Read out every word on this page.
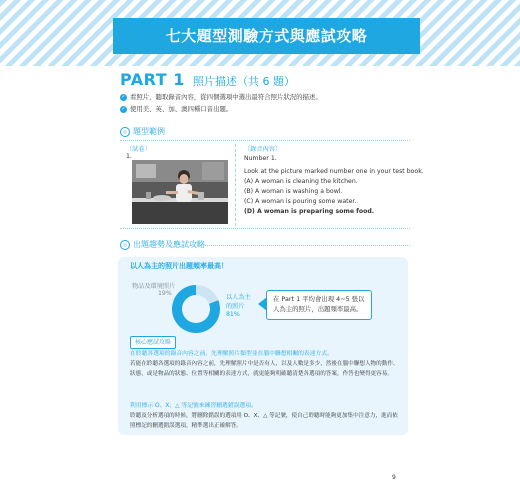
七大題型測驗方式與應試攻略
PART 1 照片描述（共 6 題）
✓ 看照片，聽取錄音內容，從四個選項中選出最符合照片狀況的描述。
✓ 使用美、英、加、澳四種口音出題。
題型範例
〔試卷〕
1.
〔錄音內容〕
Number 1.
Look at the picture marked number one in your test book.
(A) A woman is cleaning the kitchen.
(B) A woman is washing a bowl.
(C) A woman is pouring some water.
(D) A woman is preparing some food.
出題趨勢及應試攻略
以人為主的照片出題頻率最高！
物品及環境照片
19%
以人為主
的照片
81%
在 Part 1 平均會出現 4~5 張以人為主的照片，出題頻率最高。
核心應試攻略
在聆聽各選項的錄音內容之前，先理解照片類型並在腦中聯想相關的表達方式。
若能在聆聽各選項的錄音內容之前，先理解照片中是否有人，以及人數是多少，然後在腦中聯想人物的動作、狀態，或是物品的狀態、位置等相關的表達方式，就更能夠明確聽清楚各選項的答案，作答也變得更容易。
利用標示 O、X、△ 等記號來練習刪選錯誤選項。
聆聽及分析選項的時候，將刪除錯誤的選項用 O、X、△ 等記號，使自己聆聽時能夠更加集中注意力，進而依照標記的刪選錯誤選項，精準選出正確解答。
9
